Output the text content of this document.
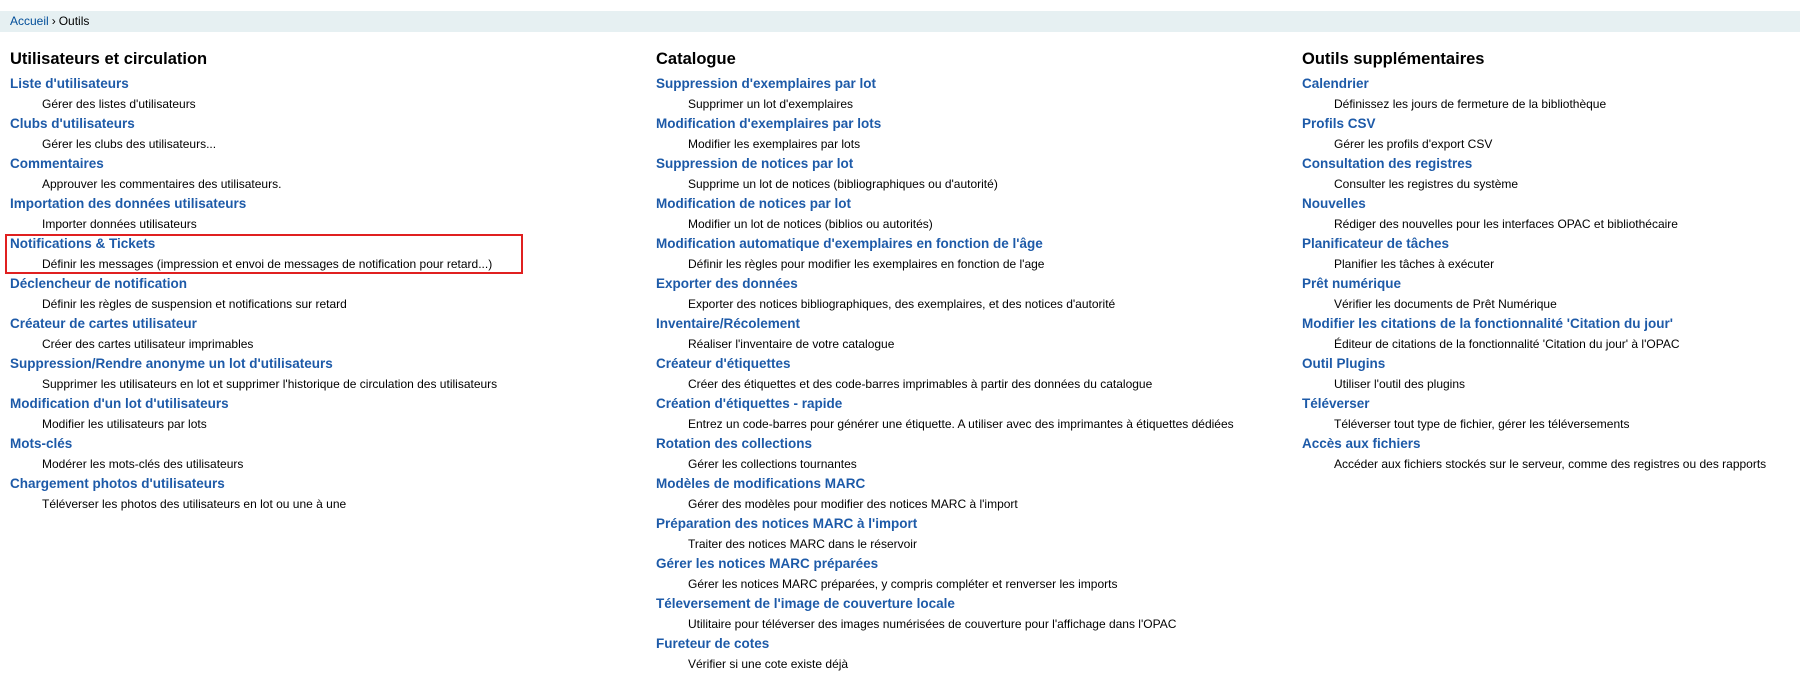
Accueil › Outils
Utilisateurs et circulation
Liste d'utilisateurs
Gérer des listes d'utilisateurs
Clubs d'utilisateurs
Gérer les clubs des utilisateurs...
Commentaires
Approuver les commentaires des utilisateurs.
Importation des données utilisateurs
Importer données utilisateurs
Notifications & Tickets
Définir les messages (impression et envoi de messages de notification pour retard...)
Déclencheur de notification
Définir les règles de suspension et notifications sur retard
Créateur de cartes utilisateur
Créer des cartes utilisateur imprimables
Suppression/Rendre anonyme un lot d'utilisateurs
Supprimer les utilisateurs en lot et supprimer l'historique de circulation des utilisateurs
Modification d'un lot d'utilisateurs
Modifier les utilisateurs par lots
Mots-clés
Modérer les mots-clés des utilisateurs
Chargement photos d'utilisateurs
Téléverser les photos des utilisateurs en lot ou une à une
Catalogue
Suppression d'exemplaires par lot
Supprimer un lot d'exemplaires
Modification d'exemplaires par lots
Modifier les exemplaires par lots
Suppression de notices par lot
Supprime un lot de notices (bibliographiques ou d'autorité)
Modification de notices par lot
Modifier un lot de notices (biblios ou autorités)
Modification automatique d'exemplaires en fonction de l'âge
Définir les règles pour modifier les exemplaires en fonction de l'age
Exporter des données
Exporter des notices bibliographiques, des exemplaires, et des notices d'autorité
Inventaire/Récolement
Réaliser l'inventaire de votre catalogue
Créateur d'étiquettes
Créer des étiquettes et des code-barres imprimables à partir des données du catalogue
Création d'étiquettes - rapide
Entrez un code-barres pour générer une étiquette. A utiliser avec des imprimantes à étiquettes dédiées
Rotation des collections
Gérer les collections tournantes
Modèles de modifications MARC
Gérer des modèles pour modifier des notices MARC à l'import
Préparation des notices MARC à l'import
Traiter des notices MARC dans le réservoir
Gérer les notices MARC préparées
Gérer les notices MARC préparées, y compris compléter et renverser les imports
Téleversement de l'image de couverture locale
Utilitaire pour téléverser des images numérisées de couverture pour l'affichage dans l'OPAC
Fureteur de cotes
Vérifier si une cote existe déjà
Outils supplémentaires
Calendrier
Définissez les jours de fermeture de la bibliothèque
Profils CSV
Gérer les profils d'export CSV
Consultation des registres
Consulter les registres du système
Nouvelles
Rédiger des nouvelles pour les interfaces OPAC et bibliothécaire
Planificateur de tâches
Planifier les tâches à exécuter
Prêt numérique
Vérifier les documents de Prêt Numérique
Modifier les citations de la fonctionnalité 'Citation du jour'
Éditeur de citations de la fonctionnalité 'Citation du jour' à l'OPAC
Outil Plugins
Utiliser l'outil des plugins
Téléverser
Téléverser tout type de fichier, gérer les téléversements
Accès aux fichiers
Accéder aux fichiers stockés sur le serveur, comme des registres ou des rapports
